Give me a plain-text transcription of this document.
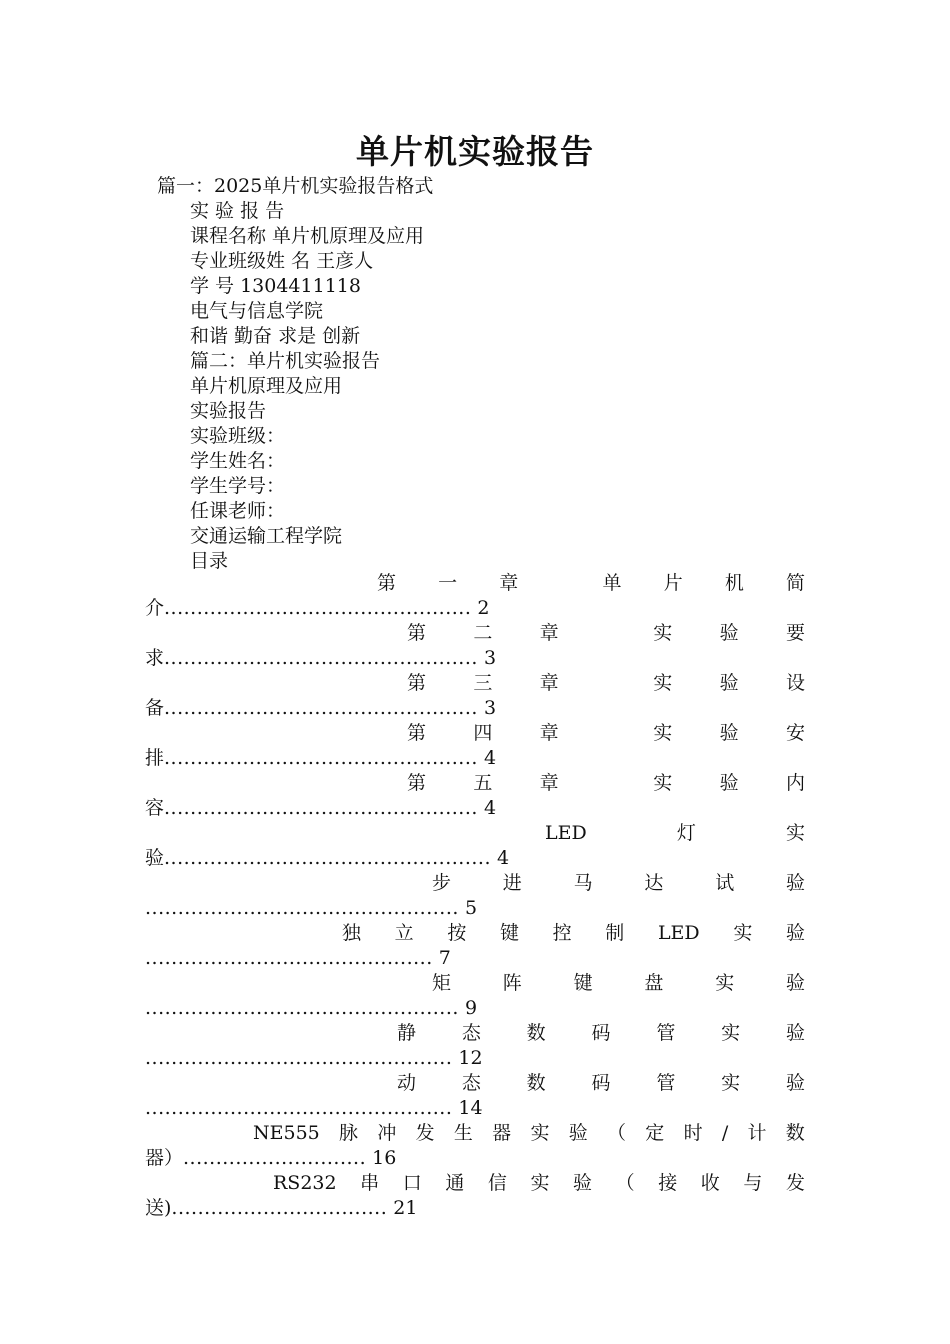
单片机实验报告
篇一：2025单片机实验报告格式
实 验 报 告
课程名称 单片机原理及应用
专业班级姓 名 王彦人
学 号 1304411118
电气与信息学院
和谐 勤奋 求是 创新
篇二：单片机实验报告
单片机原理及应用
实验报告
实验班级：
学生姓名：
学生学号：
任课老师：
交通运输工程学院
目录
第 一 章	单 片 机 简
介............................................... 2
第 二 章	实 验 要
求................................................ 3
第 三 章	实 验 设
备................................................ 3
第 四 章	实 验 安
排................................................ 4
第 五 章	实 验 内
容................................................ 4
LED	灯	实
验.................................................. 4
步	进	马	达	试	验
................................................ 5
独 立 按 键 控 制 LED 实 验
............................................ 7
矩	阵	键	盘	实	验
................................................ 9
静 态 数 码 管 实 验
............................................... 12
动 态 数 码 管 实 验
............................................... 14
NE555 脉 冲 发 生 器 实 验 （ 定 时 / 计 数
器）............................ 16
RS232 串 口 通 信 实 验 （ 接 收 与 发
送)................................. 21
